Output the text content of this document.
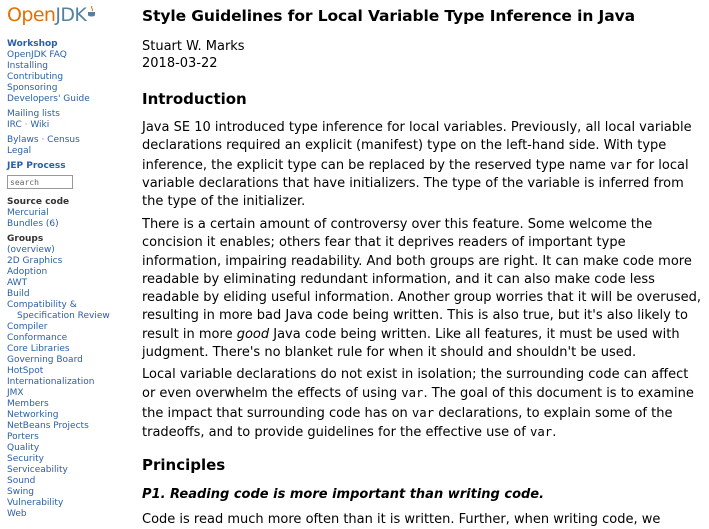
OpenJDK
Workshop
OpenJDK FAQ
Installing
Contributing
Sponsoring
Developers' Guide
Mailing lists
IRC · Wiki
Bylaws · Census
Legal
JEP Process
search
Source code
Mercurial
Bundles (6)
Groups
(overview)
2D Graphics
Adoption
AWT
Build
Compatibility &
Specification Review
Compiler
Conformance
Core Libraries
Governing Board
HotSpot
Internationalization
JMX
Members
Networking
NetBeans Projects
Porters
Quality
Security
Serviceability
Sound
Swing
Vulnerability
Web
Style Guidelines for Local Variable Type Inference in Java
Stuart W. Marks
2018-03-22
Introduction
Java SE 10 introduced type inference for local variables. Previously, all local variable
declarations required an explicit (manifest) type on the left-hand side. With type
inference, the explicit type can be replaced by the reserved type name var for local
variable declarations that have initializers. The type of the variable is inferred from
the type of the initializer.
There is a certain amount of controversy over this feature. Some welcome the
concision it enables; others fear that it deprives readers of important type
information, impairing readability. And both groups are right. It can make code more
readable by eliminating redundant information, and it can also make code less
readable by eliding useful information. Another group worries that it will be overused,
resulting in more bad Java code being written. This is also true, but it's also likely to
result in more good Java code being written. Like all features, it must be used with
judgment. There's no blanket rule for when it should and shouldn't be used.
Local variable declarations do not exist in isolation; the surrounding code can affect
or even overwhelm the effects of using var. The goal of this document is to examine
the impact that surrounding code has on var declarations, to explain some of the
tradeoffs, and to provide guidelines for the effective use of var.
Principles
P1. Reading code is more important than writing code.
Code is read much more often than it is written. Further, when writing code, we
